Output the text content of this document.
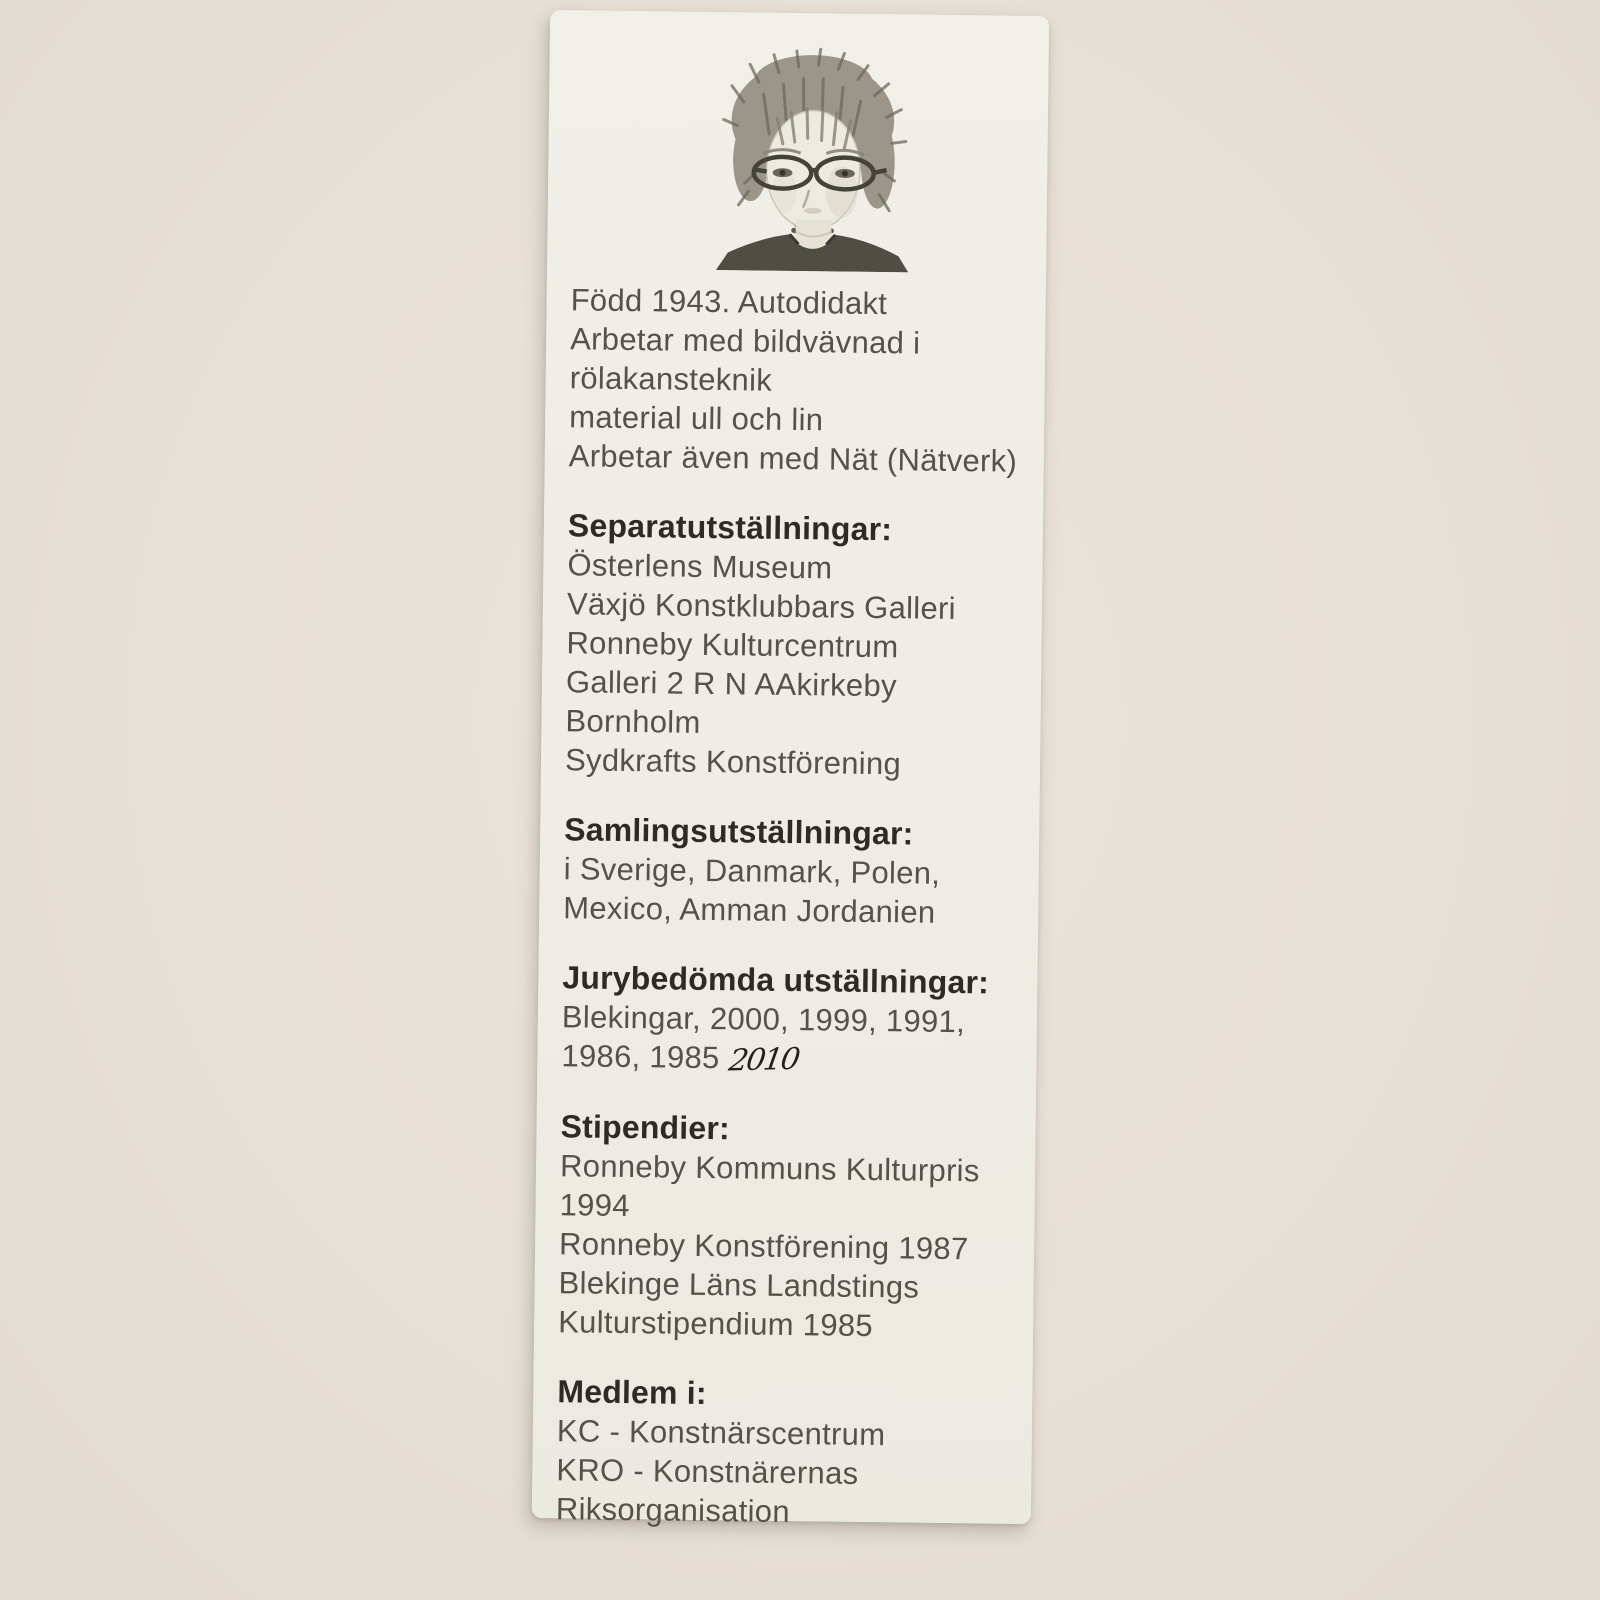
Född 1943. Autodidakt

Arbetar med bildvävnad i

rölakansteknik

material ull och lin

Arbetar även med Nät (Nätverk)

Separatutställningar:

Österlens Museum

Växjö Konstklubbars Galleri

Ronneby Kulturcentrum

Galleri 2 R N AAkirkeby Bornholm

Sydkrafts Konstförening

Samlingsutställningar:

i Sverige, Danmark, Polen,

Mexico, Amman Jordanien

Jurybedömda utställningar:

Blekingar, 2000, 1999, 1991,

1986, 1985 2010

Stipendier:

Ronneby Kommuns Kulturpris

1994

Ronneby Konstförening 1987

Blekinge Läns Landstings

Kulturstipendium 1985

Medlem i:

KC - Konstnärscentrum

KRO - Konstnärernas

Riksorganisation
